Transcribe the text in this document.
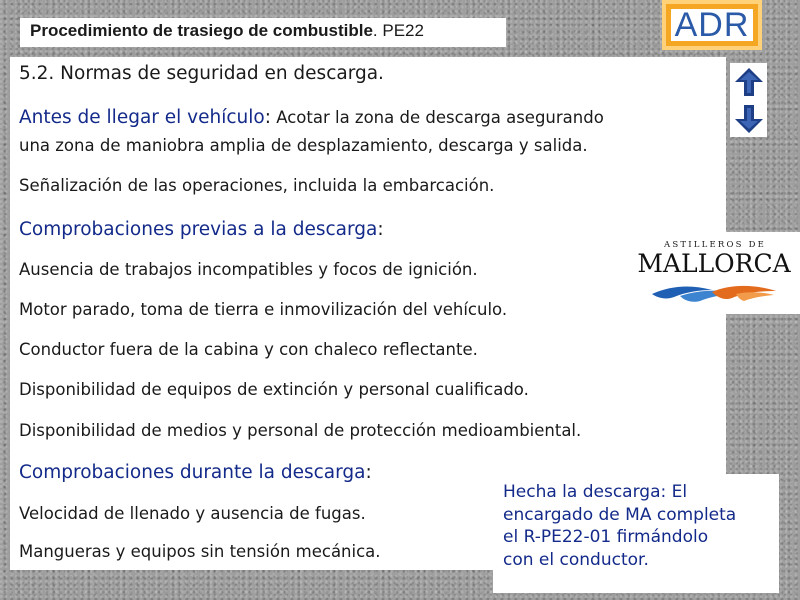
Procedimiento de trasiego de combustible. PE22	ADR
5.2. Normas de seguridad en descarga.
Antes de llegar el vehículo: Acotar la zona de descarga asegurando
una zona de maniobra amplia de desplazamiento, descarga y salida.
Señalización de las operaciones, incluida la embarcación.
Comprobaciones previas a la descarga:
Ausencia de trabajos incompatibles y focos de ignición.
Motor parado, toma de tierra e inmovilización del vehículo.
Conductor fuera de la cabina y con chaleco reflectante.
Disponibilidad de equipos de extinción y personal cualificado.
Disponibilidad de medios y personal de protección medioambiental.
Comprobaciones durante la descarga:
Velocidad de llenado y ausencia de fugas.
Mangueras y equipos sin tensión mecánica.
ASTILLEROS DE
MALLORCA
Hecha la descarga: El
encargado de MA completa
el R-PE22-01 firmándolo
con el conductor.
